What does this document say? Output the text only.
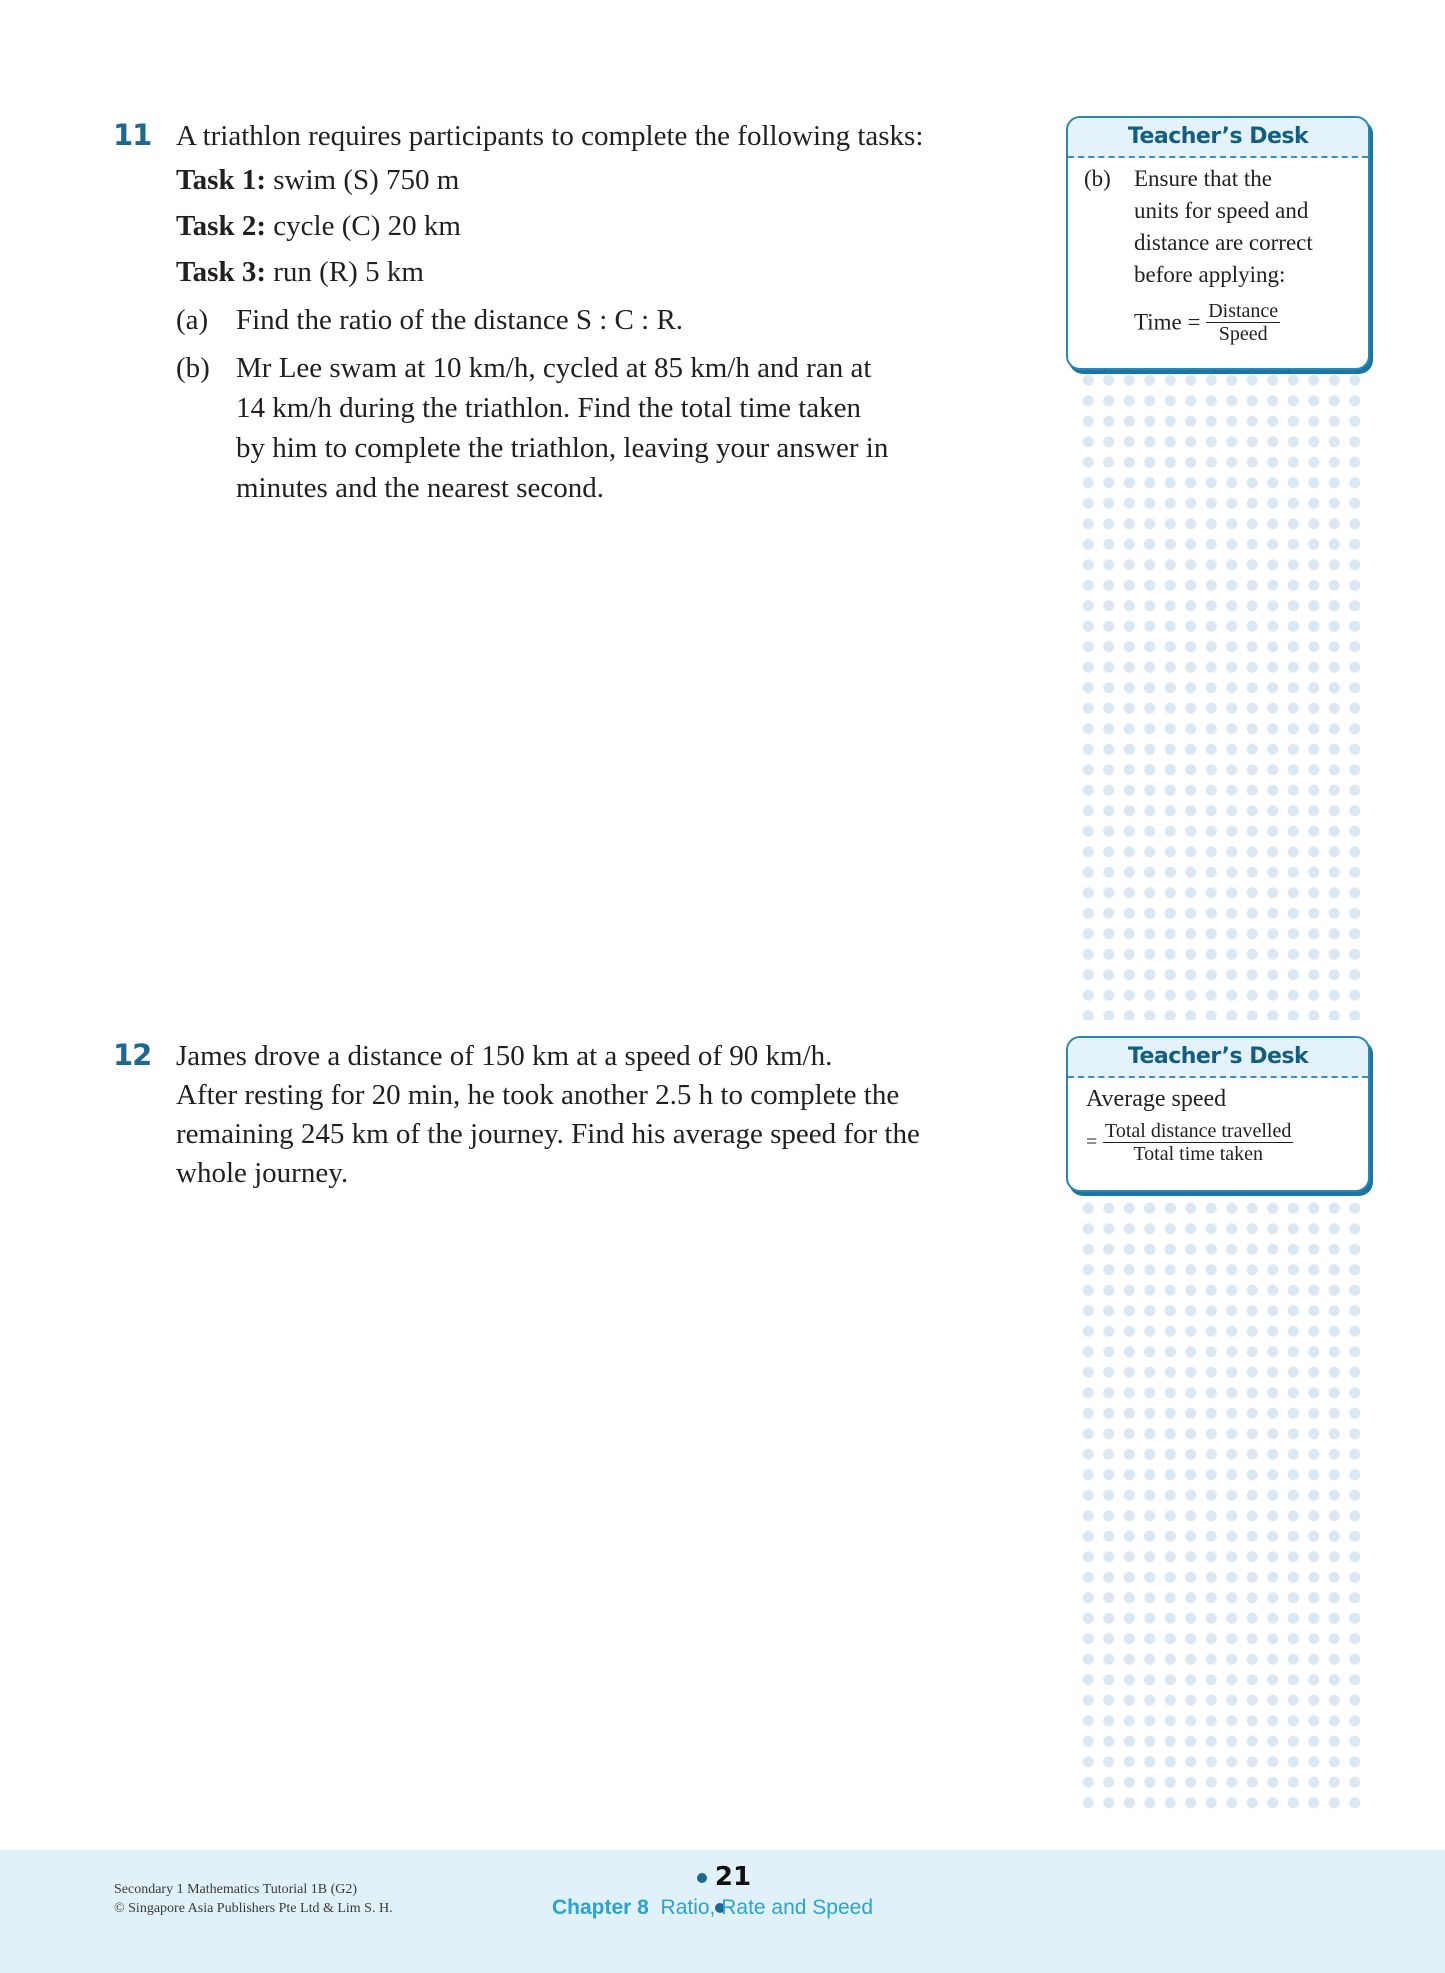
11 A triathlon requires participants to complete the following tasks:
Task 1: swim (S) 750 m
Task 2: cycle (C) 20 km
Task 3: run (R) 5 km
(a) Find the ratio of the distance S : C : R.
(b) Mr Lee swam at 10 km/h, cycled at 85 km/h and ran at
14 km/h during the triathlon. Find the total time taken
by him to complete the triathlon, leaving your answer in
minutes and the nearest second.
12 James drove a distance of 150 km at a speed of 90 km/h.
After resting for 20 min, he took another 2.5 h to complete the
remaining 245 km of the journey. Find his average speed for the
whole journey.
Teacher’s Desk
(b) Ensure that the
units for speed and
distance are correct
before applying:
Time = $\frac{\text{Distance}}{\text{Speed}}$
Teacher’s Desk
Average speed
= $\frac{\text{Total distance travelled}}{\text{Total time taken}}$
Secondary 1 Mathematics Tutorial 1B (G2)
© Singapore Asia Publishers Pte Ltd & Lim S. H.
21
Chapter 8 Ratio, Rate and Speed
